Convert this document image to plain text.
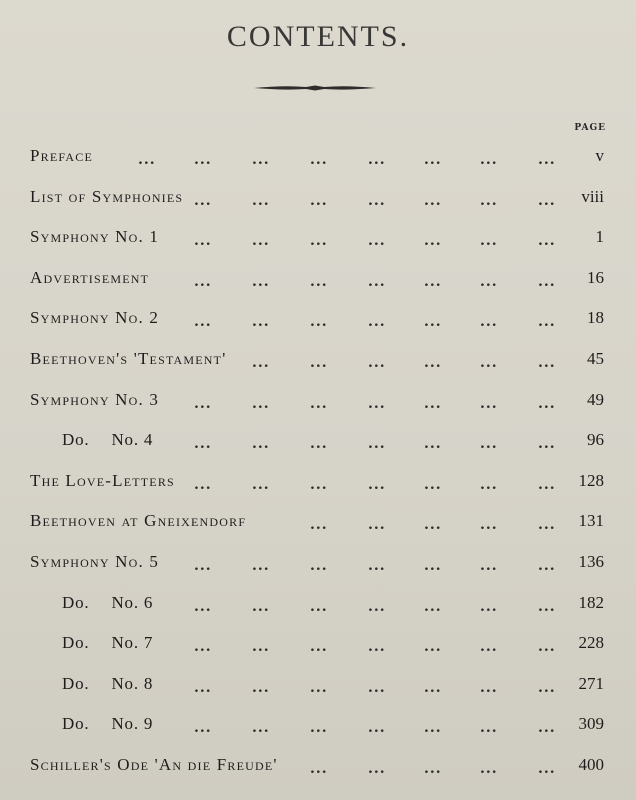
CONTENTS.
PAGE
Preface	...	...	...	...	...	...	...	... v
List of Symphonies ...	...	...	...	...	...	... viii
Symphony No. 1 ...	...	...	...	...	...	... 1
Advertisement	...	...	...	...	...	...	... 16
Symphony No. 2 ...	...	...	...	...	...	... 18
Beethoven's 'Testament' ...	...	...	...	...	... 45
Symphony No. 3 ...	...	...	...	...	...	... 49
Do. No. 4	...	...	...	...	...	...	... 96
The Love-Letters ...	...	...	...	...	...	... 128
Beethoven at Gneixendorf	...	...	...	...	... 131
Symphony No. 5 ...	...	...	...	...	...	... 136
Do. No. 6	...	...	...	...	...	...	... 182
Do. No. 7	...	...	...	...	...	...	... 228
Do. No. 8	...	...	...	...	...	...	... 271
Do. No. 9	...	...	...	...	...	...	... 309
Schiller's Ode 'An die Freude' ...	...	...	...	... 400
